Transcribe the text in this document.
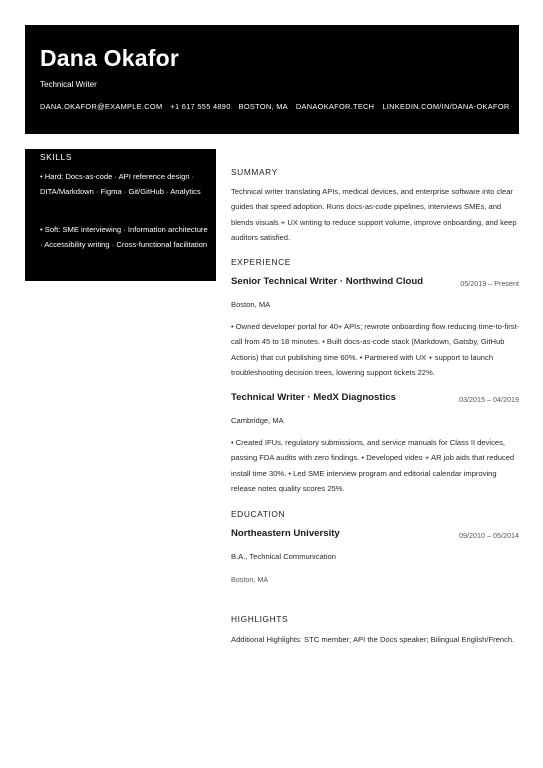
Dana Okafor
Technical Writer
DANA.OKAFOR@EXAMPLE.COM +1 617 555 4890 BOSTON, MA DANAOKAFOR.TECH LINKEDIN.COM/IN/DANA-OKAFOR
SKILLS
• Hard: Docs-as-code · API reference design · DITA/Markdown · Figma · Git/GitHub · Analytics
• Soft: SME interviewing · Information architecture · Accessibility writing · Cross-functional facilitation
SUMMARY
Technical writer translating APIs, medical devices, and enterprise software into clear guides that speed adoption. Runs docs-as-code pipelines, interviews SMEs, and blends visuals + UX writing to reduce support volume, improve onboarding, and keep auditors satisfied.
EXPERIENCE
Senior Technical Writer · Northwind Cloud	05/2019 – Present
Boston, MA
• Owned developer portal for 40+ APIs; rewrote onboarding flow reducing time-to-first-call from 45 to 18 minutes. • Built docs-as-code stack (Markdown, Gatsby, GitHub Actions) that cut publishing time 60%. • Partnered with UX + support to launch troubleshooting decision trees, lowering support tickets 22%.
Technical Writer · MedX Diagnostics	03/2015 – 04/2019
Cambridge, MA
• Created IFUs, regulatory submissions, and service manuals for Class II devices, passing FDA audits with zero findings. • Developed video + AR job aids that reduced install time 30%. • Led SME interview program and editorial calendar improving release notes quality scores 25%.
EDUCATION
Northeastern University	09/2010 – 05/2014
B.A., Technical Communication
Boston, MA
HIGHLIGHTS
Additional Highlights: STC member; API the Docs speaker; Bilingual English/French.
